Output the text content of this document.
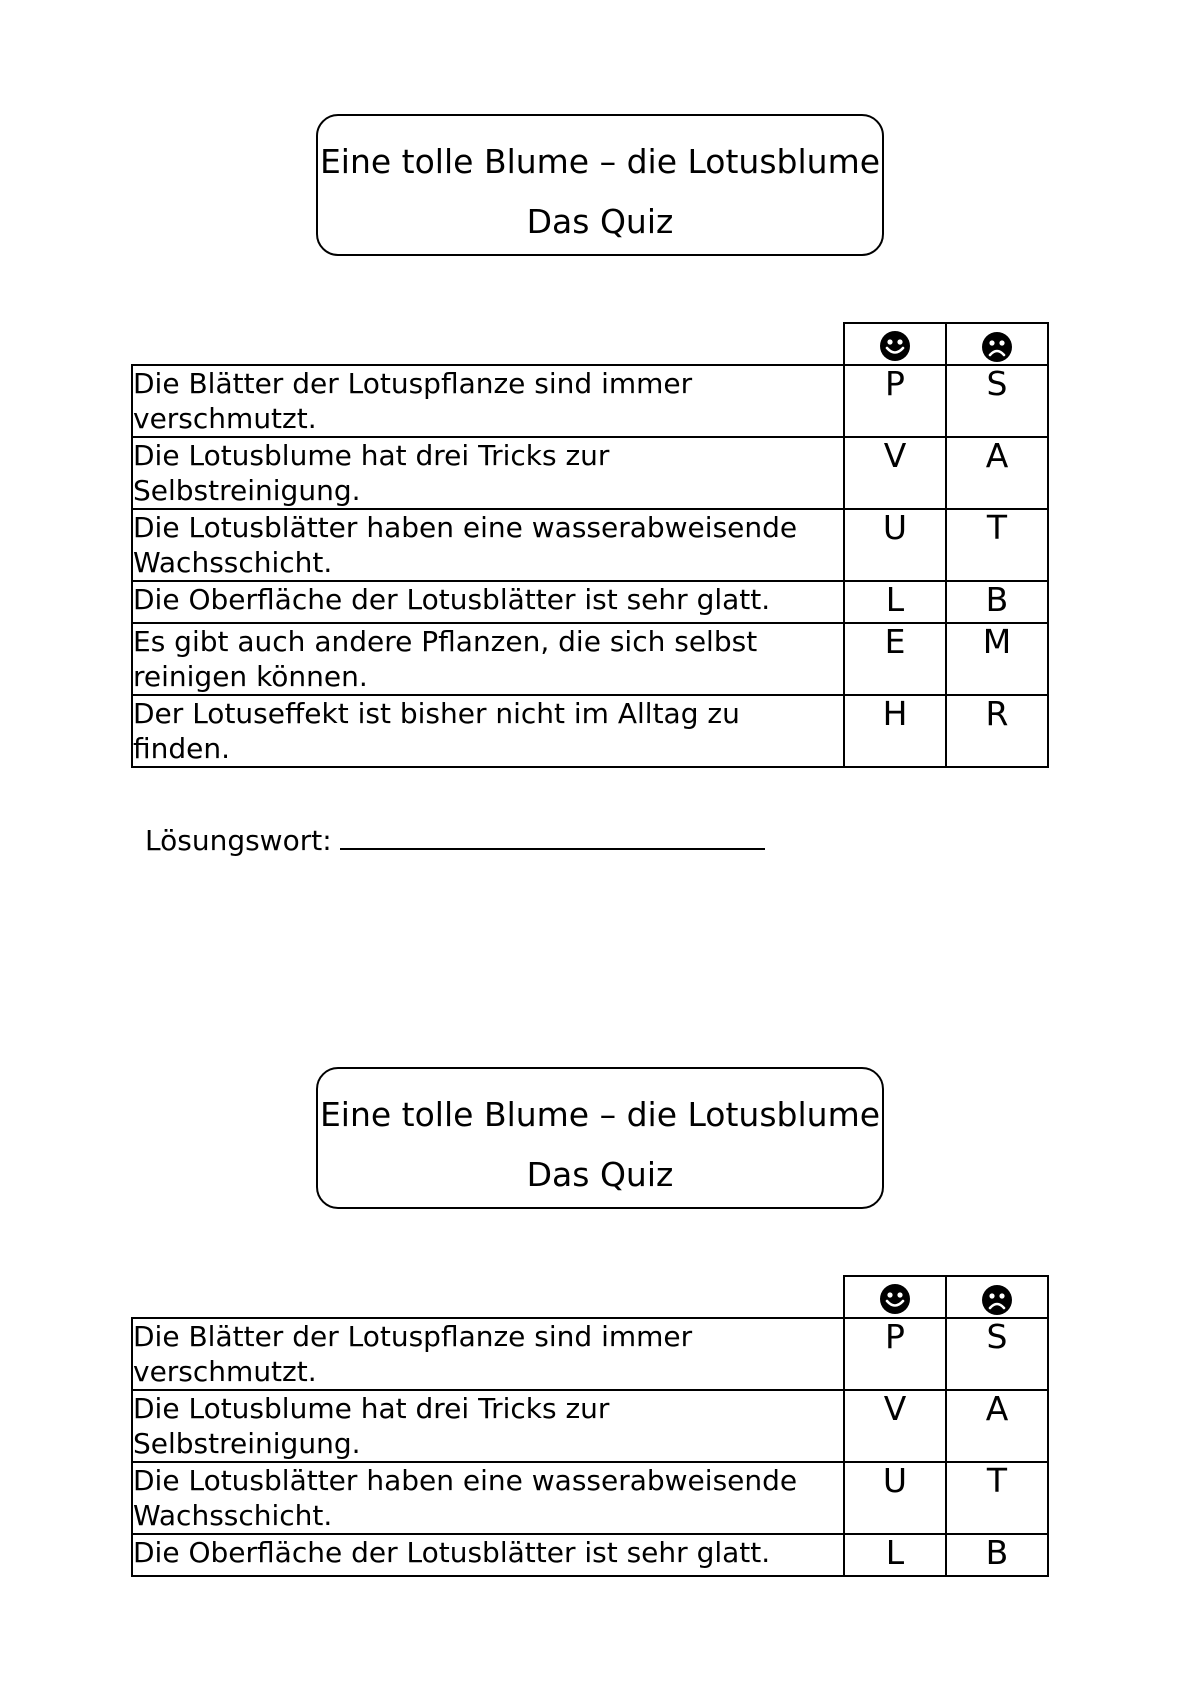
Eine tolle Blume – die Lotusblume
Das Quiz

Die Blätter der Lotuspflanze sind immer verschmutzt.	P	S
Die Lotusblume hat drei Tricks zur Selbstreinigung.	V	A
Die Lotusblätter haben eine wasserabweisende Wachsschicht.	U	T
Die Oberfläche der Lotusblätter ist sehr glatt.	L	B
Es gibt auch andere Pflanzen, die sich selbst reinigen können.	E	M
Der Lotuseffekt ist bisher nicht im Alltag zu finden.	H	R
Lösungswort:
Eine tolle Blume – die Lotusblume
Das Quiz

Die Blätter der Lotuspflanze sind immer verschmutzt.	P	S
Die Lotusblume hat drei Tricks zur Selbstreinigung.	V	A
Die Lotusblätter haben eine wasserabweisende Wachsschicht.	U	T
Die Oberfläche der Lotusblätter ist sehr glatt.	L	B
